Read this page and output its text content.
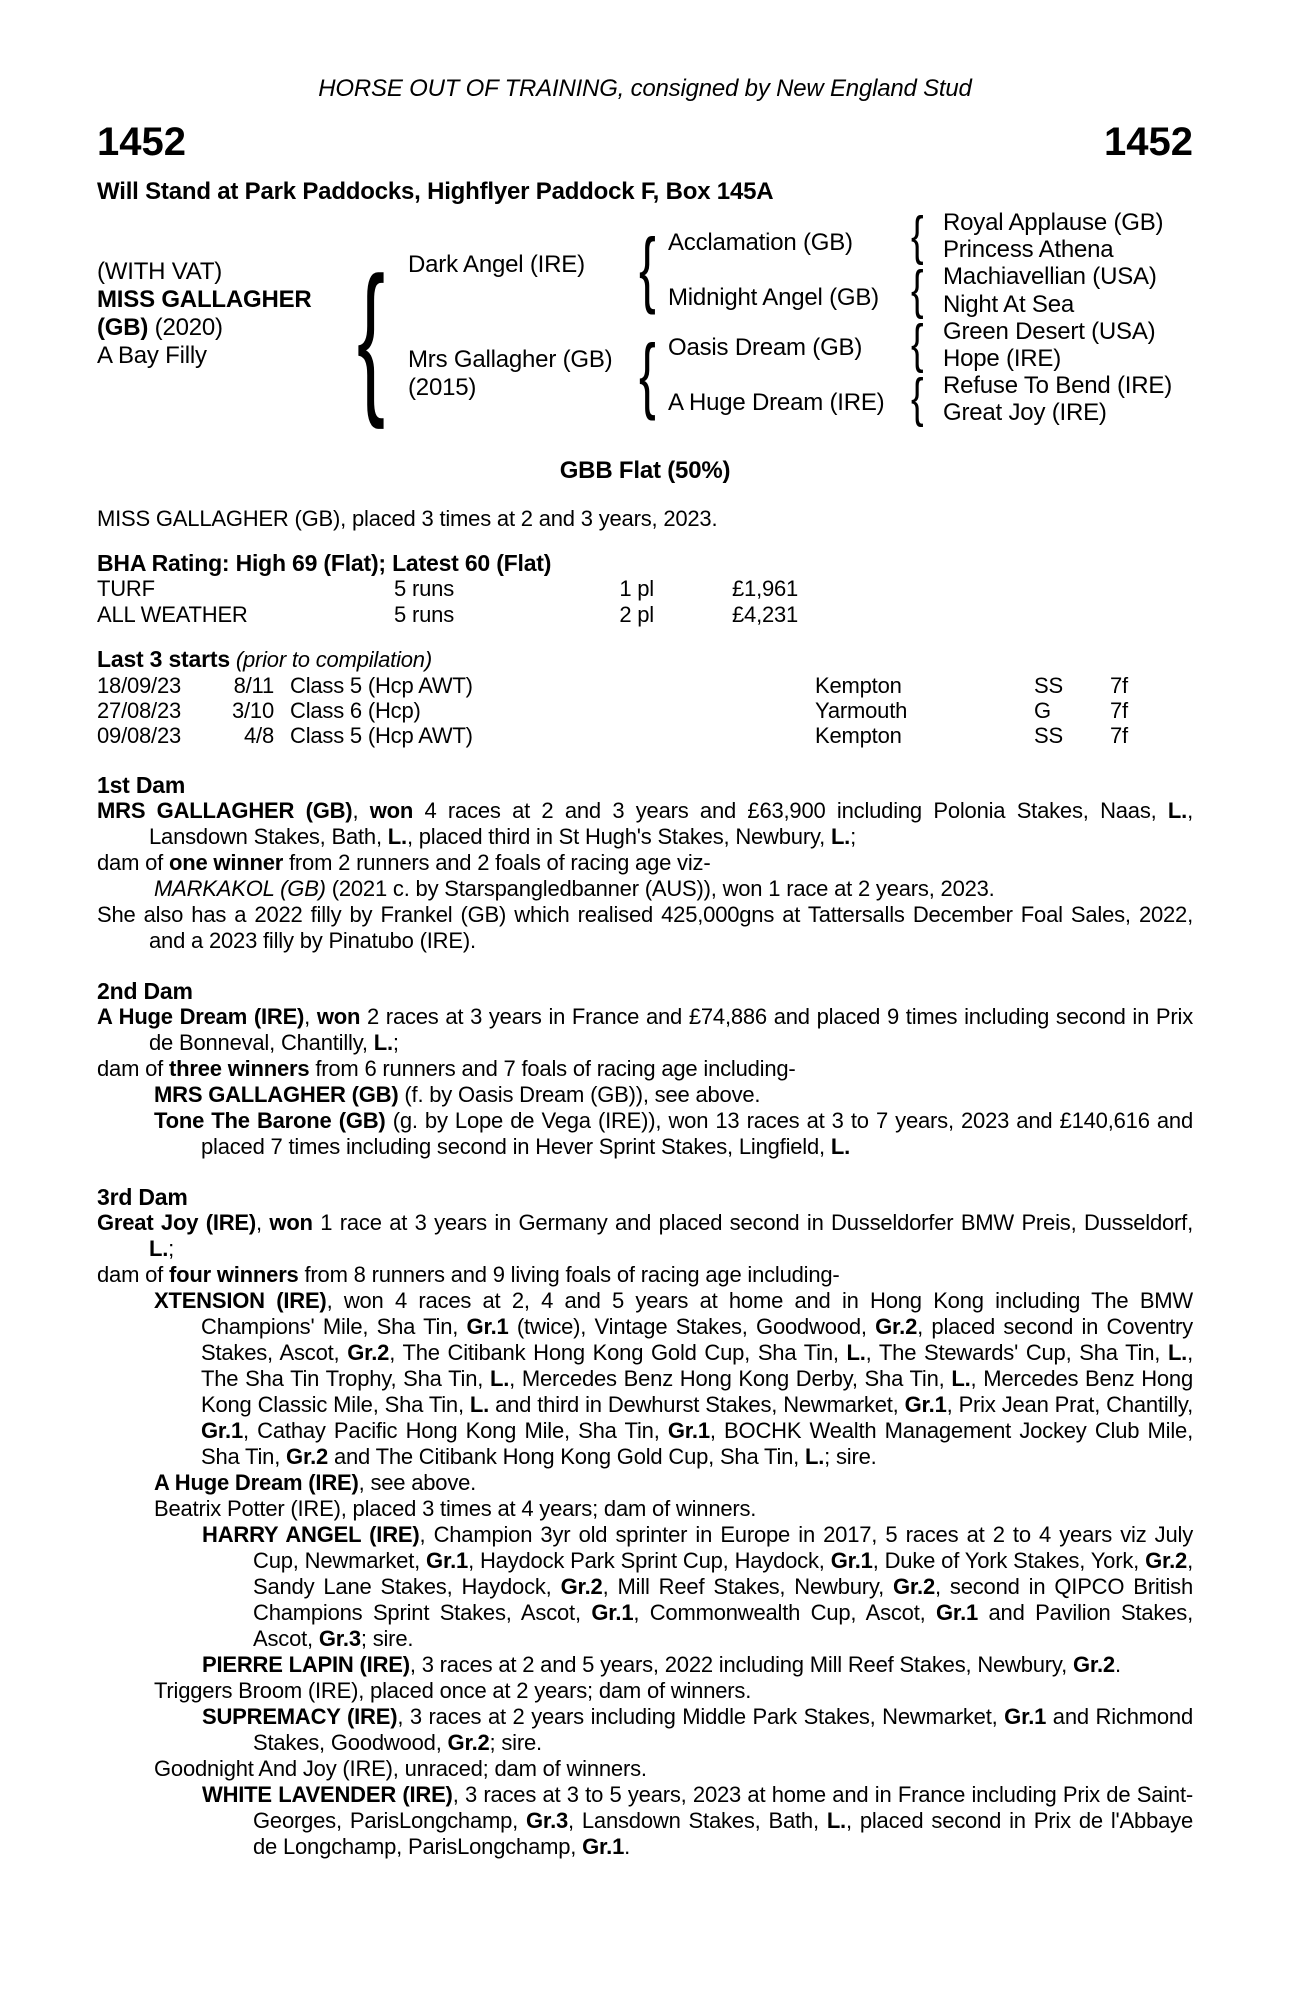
HORSE OUT OF TRAINING, consigned by New England Stud
1452	1452
Will Stand at Park Paddocks, Highflyer Paddock F, Box 145A
(WITH VAT)
MISS GALLAGHER
(GB) (2020)
A Bay Filly
{
Dark Angel (IRE)
Mrs Gallagher (GB)
(2015)
{
{
Acclamation (GB)
Midnight Angel (GB)
Oasis Dream (GB)
A Huge Dream (IRE)
{
{
{
{
Royal Applause (GB)
Princess Athena
Machiavellian (USA)
Night At Sea
Green Desert (USA)
Hope (IRE)
Refuse To Bend (IRE)
Great Joy (IRE)
GBB Flat (50%)
MISS GALLAGHER (GB), placed 3 times at 2 and 3 years, 2023.
BHA Rating: High 69 (Flat); Latest 60 (Flat)
TURF	5 runs	1 pl	£1,961
ALL WEATHER	5 runs	2 pl	£4,231
Last 3 starts (prior to compilation)
18/09/23	8/11 Class 5 (Hcp AWT)	Kempton	SS	7f
27/08/23	3/10 Class 6 (Hcp)	Yarmouth	G	7f
09/08/23	4/8 Class 5 (Hcp AWT)	Kempton	SS	7f
1st Dam
MRS GALLAGHER (GB), won 4 races at 2 and 3 years and £63,900 including Polonia Stakes, Naas, L., Lansdown Stakes, Bath, L., placed third in St Hugh's Stakes, Newbury, L.;
dam of one winner from 2 runners and 2 foals of racing age viz-
MARKAKOL (GB) (2021 c. by Starspangledbanner (AUS)), won 1 race at 2 years, 2023.
She also has a 2022 filly by Frankel (GB) which realised 425,000gns at Tattersalls December Foal Sales, 2022, and a 2023 filly by Pinatubo (IRE).
2nd Dam
A Huge Dream (IRE), won 2 races at 3 years in France and £74,886 and placed 9 times including second in Prix de Bonneval, Chantilly, L.;
dam of three winners from 6 runners and 7 foals of racing age including-
MRS GALLAGHER (GB) (f. by Oasis Dream (GB)), see above.
Tone The Barone (GB) (g. by Lope de Vega (IRE)), won 13 races at 3 to 7 years, 2023 and £140,616 and placed 7 times including second in Hever Sprint Stakes, Lingfield, L.
3rd Dam
Great Joy (IRE), won 1 race at 3 years in Germany and placed second in Dusseldorfer BMW Preis, Dusseldorf, L.;
dam of four winners from 8 runners and 9 living foals of racing age including-
XTENSION (IRE), won 4 races at 2, 4 and 5 years at home and in Hong Kong including The BMW Champions' Mile, Sha Tin, Gr.1 (twice), Vintage Stakes, Goodwood, Gr.2, placed second in Coventry Stakes, Ascot, Gr.2, The Citibank Hong Kong Gold Cup, Sha Tin, L., The Stewards' Cup, Sha Tin, L., The Sha Tin Trophy, Sha Tin, L., Mercedes Benz Hong Kong Derby, Sha Tin, L., Mercedes Benz Hong Kong Classic Mile, Sha Tin, L. and third in Dewhurst Stakes, Newmarket, Gr.1, Prix Jean Prat, Chantilly, Gr.1, Cathay Pacific Hong Kong Mile, Sha Tin, Gr.1, BOCHK Wealth Management Jockey Club Mile, Sha Tin, Gr.2 and The Citibank Hong Kong Gold Cup, Sha Tin, L.; sire.
A Huge Dream (IRE), see above.
Beatrix Potter (IRE), placed 3 times at 4 years; dam of winners.
HARRY ANGEL (IRE), Champion 3yr old sprinter in Europe in 2017, 5 races at 2 to 4 years viz July Cup, Newmarket, Gr.1, Haydock Park Sprint Cup, Haydock, Gr.1, Duke of York Stakes, York, Gr.2, Sandy Lane Stakes, Haydock, Gr.2, Mill Reef Stakes, Newbury, Gr.2, second in QIPCO British Champions Sprint Stakes, Ascot, Gr.1, Commonwealth Cup, Ascot, Gr.1 and Pavilion Stakes, Ascot, Gr.3; sire.
PIERRE LAPIN (IRE), 3 races at 2 and 5 years, 2022 including Mill Reef Stakes, Newbury, Gr.2.
Triggers Broom (IRE), placed once at 2 years; dam of winners.
SUPREMACY (IRE), 3 races at 2 years including Middle Park Stakes, Newmarket, Gr.1 and Richmond Stakes, Goodwood, Gr.2; sire.
Goodnight And Joy (IRE), unraced; dam of winners.
WHITE LAVENDER (IRE), 3 races at 3 to 5 years, 2023 at home and in France including Prix de Saint-Georges, ParisLongchamp, Gr.3, Lansdown Stakes, Bath, L., placed second in Prix de l'Abbaye de Longchamp, ParisLongchamp, Gr.1.
